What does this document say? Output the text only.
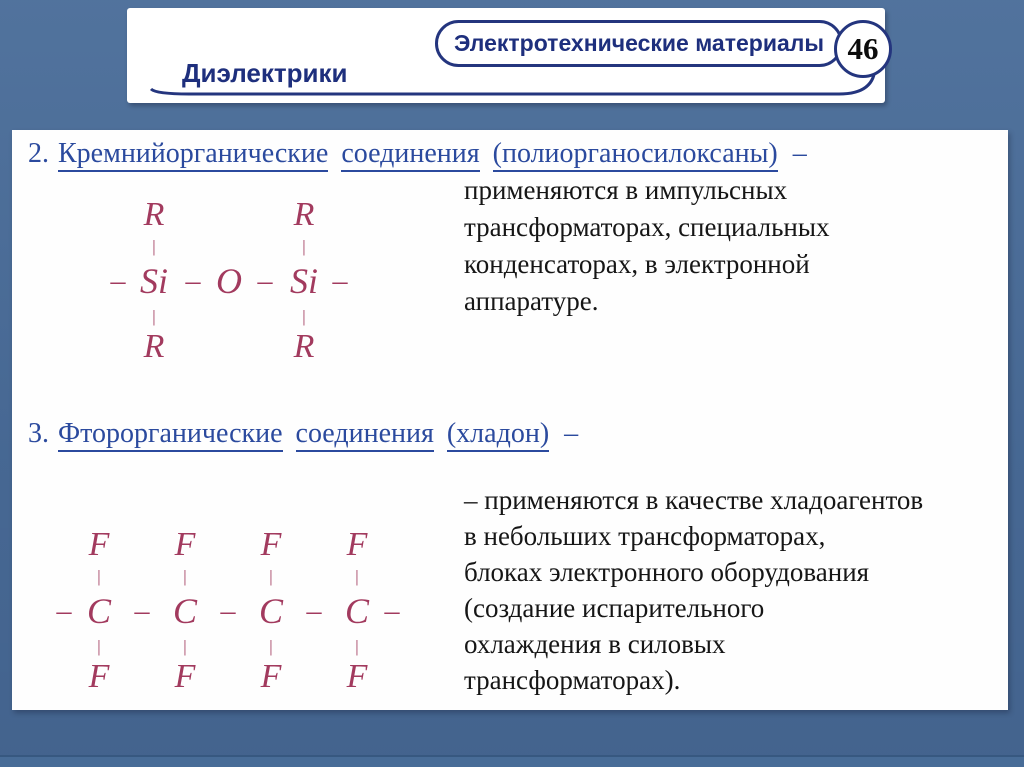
Электротехнические материалы 46
Диэлектрики
2. Кремнийорганические соединения (полиорганосилоксаны) –
применяются в импульсных
трансформаторах, специальных
конденсаторах, в электронной
аппаратуре.
R	R
|	|
– Si – O – Si –
|	|
R	R
3. Фторорганические соединения (хладон) –
– применяются в качестве хладоагентов
в небольших трансформаторах,
блоках электронного оборудования
(создание испарительного
охлаждения в силовых
трансформаторах).
F F F F
|	|	|	|
– C – C – C – C –
|	|	|	|
F F F F
